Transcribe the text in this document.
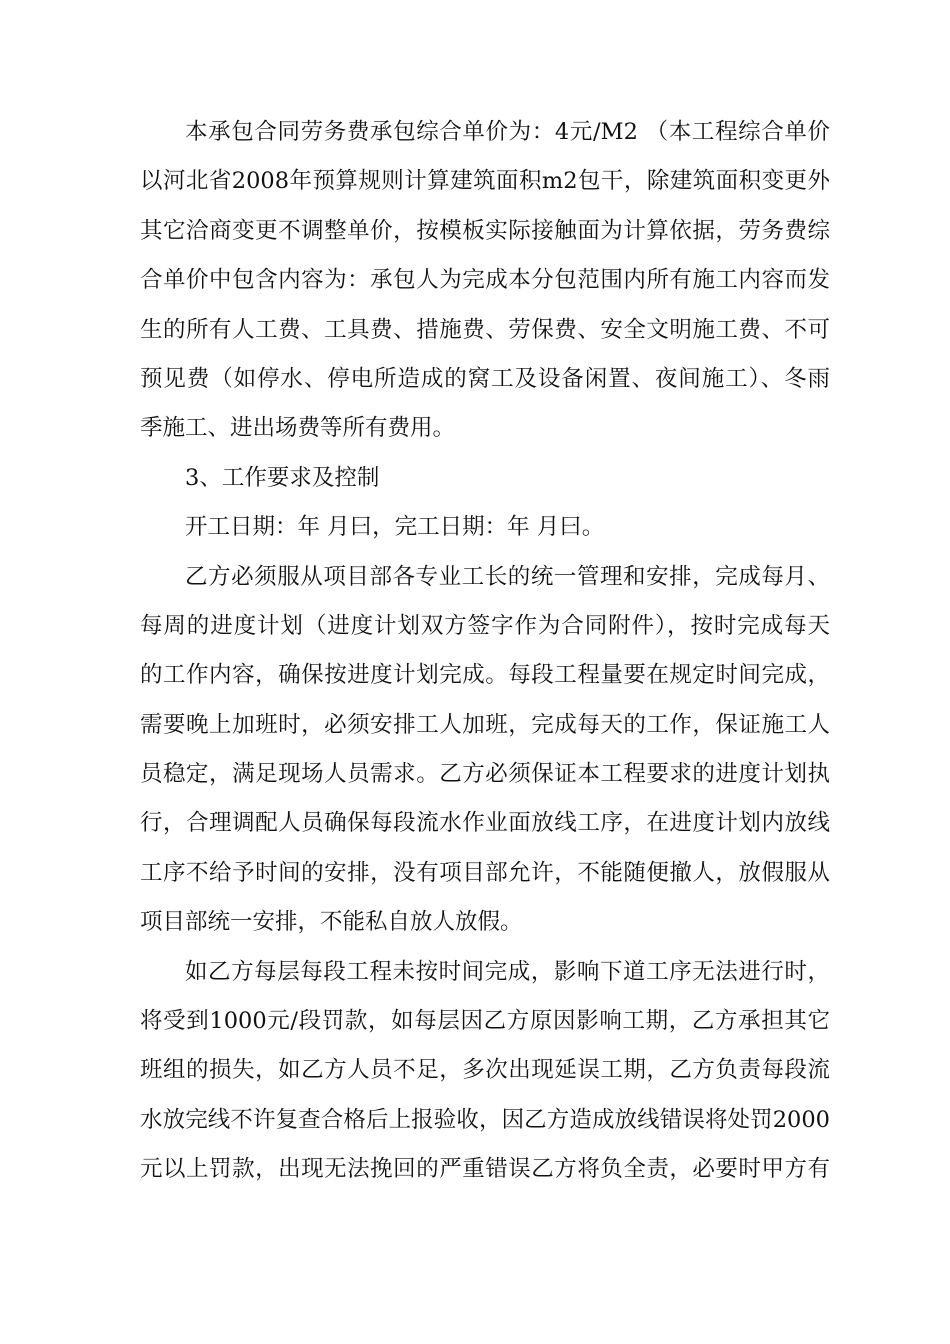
本承包合同劳务费承包综合单价为：4元/M2 （本工程综合单价
以河北省2008年预算规则计算建筑面积m2包干，除建筑面积变更外
其它洽商变更不调整单价，按模板实际接触面为计算依据，劳务费综
合单价中包含内容为：承包人为完成本分包范围内所有施工内容而发
生的所有人工费、工具费、措施费、劳保费、安全文明施工费、不可
预见费（如停水、停电所造成的窝工及设备闲置、夜间施工）、冬雨
季施工、进出场费等所有费用。
3、工作要求及控制
开工日期：年 月曰，完工日期：年 月曰。
乙方必须服从项目部各专业工长的统一管理和安排，完成每月、
每周的进度计划（进度计划双方签字作为合同附件），按时完成每天
的工作内容，确保按进度计划完成。每段工程量要在规定时间完成，
需要晚上加班时，必须安排工人加班，完成每天的工作，保证施工人
员稳定，满足现场人员需求。乙方必须保证本工程要求的进度计划执
行，合理调配人员确保每段流水作业面放线工序，在进度计划内放线
工序不给予时间的安排，没有项目部允许，不能随便撤人，放假服从
项目部统一安排，不能私自放人放假。
如乙方每层每段工程未按时间完成，影响下道工序无法进行时，
将受到1000元/段罚款，如每层因乙方原因影响工期，乙方承担其它
班组的损失，如乙方人员不足，多次出现延误工期，乙方负责每段流
水放完线不许复查合格后上报验收，因乙方造成放线错误将处罚2000
元以上罚款，出现无法挽回的严重错误乙方将负全责，必要时甲方有
